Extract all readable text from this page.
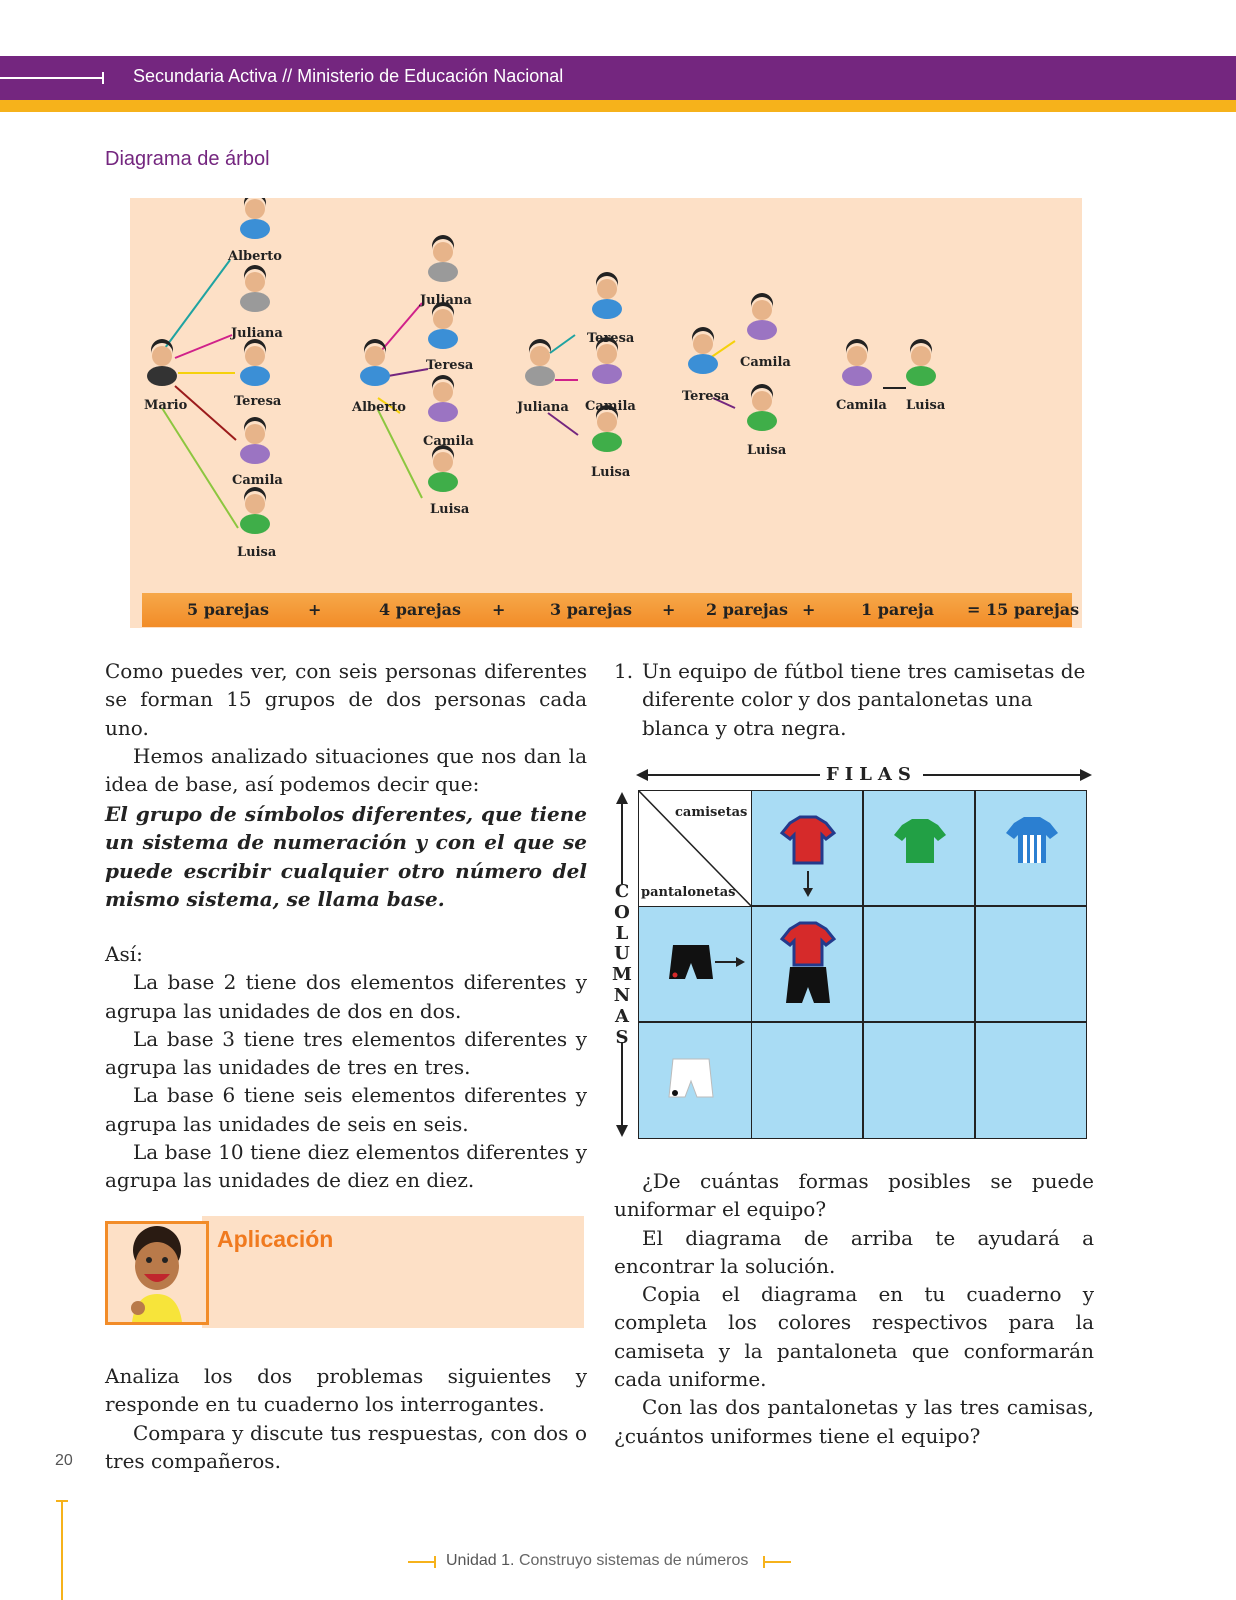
Secundaria Activa // Ministerio de Educación Nacional
Diagrama de árbol
Mario
Alberto
Juliana
Teresa
Camila
Luisa
Alberto
Juliana
Teresa
Camila
Luisa
Juliana
Teresa
Camila
Luisa
Teresa
Camila
Luisa
Camila Luisa
5 parejas +	4 parejas +	3 parejas + 2 parejas +	1 pareja = 15 parejas

Como puedes ver, con seis personas diferentes se forman 15 grupos de dos personas cada uno.

Hemos analizado situaciones que nos dan la idea de base, así podemos decir que:

El grupo de símbolos diferentes, que tiene un sistema de numeración y con el que se puede escribir cualquier otro número del mismo sistema, se llama base.

Así:

La base 2 tiene dos elementos diferentes y agrupa las unidades de dos en dos.

La base 3 tiene tres elementos diferentes y agrupa las unidades de tres en tres.

La base 6 tiene seis elementos diferentes y agrupa las unidades de seis en seis.

La base 10 tiene diez elementos diferentes y agrupa las unidades de diez en diez.

Aplicación

Analiza los dos problemas siguientes y responde en tu cuaderno los interrogantes.

Compara y discute tus respuestas, con dos o tres compañeros.

1. Un equipo de fútbol tiene tres camisetas de diferente color y dos pantalonetas una blanca y otra negra.

FILAS
C
O
L
U
M
N
A
S
camisetas
pantalonetas

¿De cuántas formas posibles se puede uniformar el equipo?

El diagrama de arriba te ayudará a encontrar la solución.

Copia el diagrama en tu cuaderno y completa los colores respectivos para la camiseta y la pantaloneta que conformarán cada uniforme.

Con las dos pantalonetas y las tres camisas, ¿cuántos uniformes tiene el equipo?

20
Unidad 1. Construyo sistemas de números
